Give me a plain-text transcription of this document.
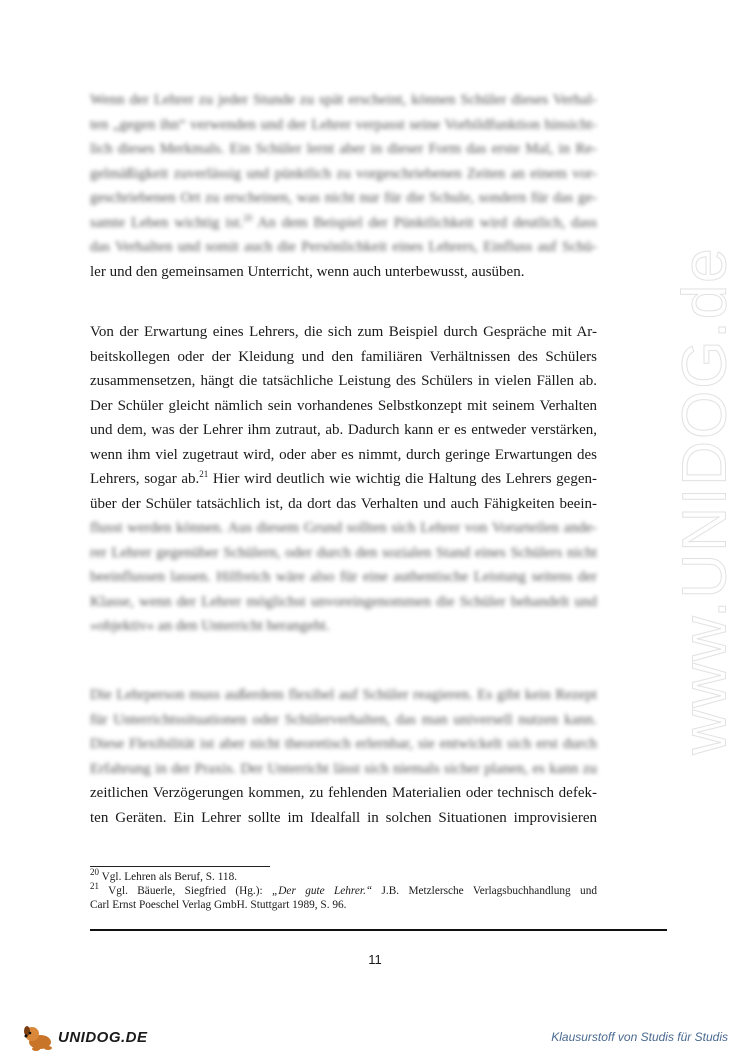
www.UNIDOG.de
Wenn der Lehrer zu jeder Stunde zu spät erscheint, können Schüler dieses Verhal-
ten „gegen ihn“ verwenden und der Lehrer verpasst seine Vorbildfunktion hinsicht-
lich dieses Merkmals. Ein Schüler lernt aber in dieser Form das erste Mal, in Re-
gelmäßigkeit zuverlässig und pünktlich zu vorgeschriebenen Zeiten an einem vor-
geschriebenen Ort zu erscheinen, was nicht nur für die Schule, sondern für das ge-
samte Leben wichtig ist.$^{20}$ An dem Beispiel der Pünktlichkeit wird deutlich, dass
das Verhalten und somit auch die Persönlichkeit eines Lehrers, Einfluss auf Schü-
ler und den gemeinsamen Unterricht, wenn auch unterbewusst, ausüben.
Von der Erwartung eines Lehrers, die sich zum Beispiel durch Gespräche mit Ar-
beitskollegen oder der Kleidung und den familiären Verhältnissen des Schülers
zusammensetzen, hängt die tatsächliche Leistung des Schülers in vielen Fällen ab.
Der Schüler gleicht nämlich sein vorhandenes Selbstkonzept mit seinem Verhalten
und dem, was der Lehrer ihm zutraut, ab. Dadurch kann er es entweder verstärken,
wenn ihm viel zugetraut wird, oder aber es nimmt, durch geringe Erwartungen des
Lehrers, sogar ab.$^{21}$ Hier wird deutlich wie wichtig die Haltung des Lehrers gegen-
über der Schüler tatsächlich ist, da dort das Verhalten und auch Fähigkeiten beein-
flusst werden können. Aus diesem Grund sollten sich Lehrer von Vorurteilen ande-
rer Lehrer gegenüber Schülern, oder durch den sozialen Stand eines Schülers nicht
beeinflussen lassen. Hilfreich wäre also für eine authentische Leistung seitens der
Klasse, wenn der Lehrer möglichst unvoreingenommen die Schüler behandelt und
»objektiv« an den Unterricht herangeht.
Die Lehrperson muss außerdem flexibel auf Schüler reagieren. Es gibt kein Rezept
für Unterrichtssituationen oder Schülerverhalten, das man universell nutzen kann.
Diese Flexibilität ist aber nicht theoretisch erlernbar, sie entwickelt sich erst durch
Erfahrung in der Praxis. Der Unterricht lässt sich niemals sicher planen, es kann zu
zeitlichen Verzögerungen kommen, zu fehlenden Materialien oder technisch defek-
ten Geräten. Ein Lehrer sollte im Idealfall in solchen Situationen improvisieren
$^{20}$ Vgl. Lehren als Beruf, S. 118.
$^{21}$ Vgl. Bäuerle, Siegfried (Hg.): „Der gute Lehrer.“ J.B. Metzlersche Verlagsbuchhandlung und
Carl Ernst Poeschel Verlag GmbH. Stuttgart 1989, S. 96.
11
UNIDOG.DE	Klausurstoff von Studis für Studis
